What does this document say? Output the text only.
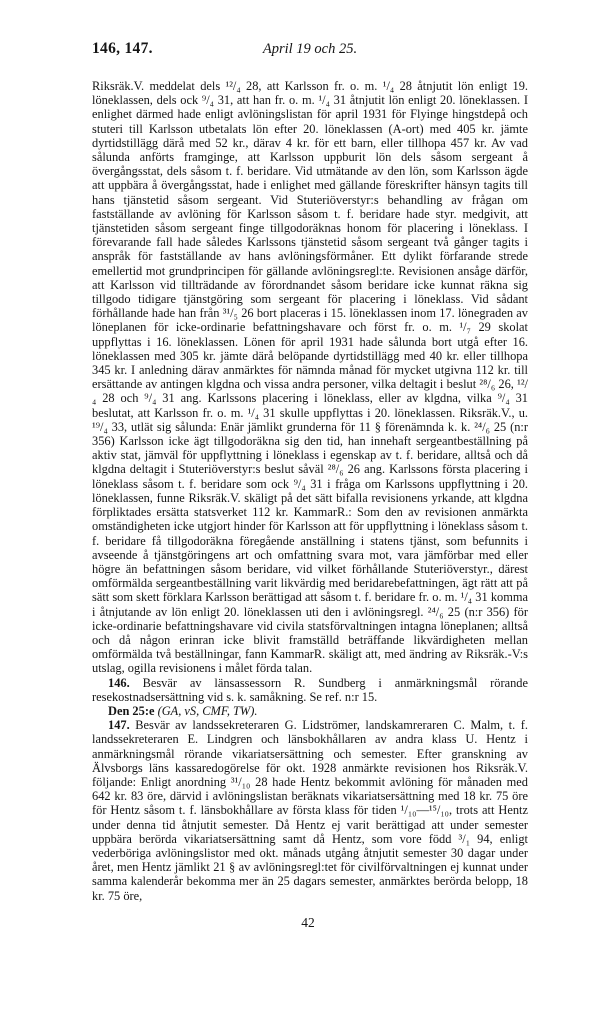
146, 147.	April 19 och 25.

Riksräk.V. meddelat dels ¹²/₄ 28, att Karlsson fr. o. m. ¹/₄ 28 åtnjutit lön enligt 19. löneklassen, dels ock ⁹/₄ 31, att han fr. o. m. ¹/₄ 31 åtnjutit lön enligt 20. löneklassen. I enlighet därmed hade enligt avlöningslistan för april 1931 för Flyinge hingstdepå och stuteri till Karlsson utbetalats lön efter 20. löneklassen (A-ort) med 405 kr. jämte dyrtidstillägg därå med 52 kr., därav 4 kr. för ett barn, eller tillhopa 457 kr. Av vad sålunda anförts framginge, att Karlsson uppburit lön dels såsom sergeant å övergångsstat, dels såsom t. f. beridare. Vid utmätande av den lön, som Karlsson ägde att uppbära å övergångsstat, hade i enlighet med gällande föreskrifter hänsyn tagits till hans tjänstetid såsom sergeant. Vid Stuteriöverstyr:s behandling av frågan om fastställande av avlöning för Karlsson såsom t. f. beridare hade styr. medgivit, att tjänstetiden såsom sergeant finge tillgodoräknas honom för placering i löneklass. I förevarande fall hade således Karlssons tjänstetid såsom sergeant två gånger tagits i anspråk för fastställande av hans avlöningsförmåner. Ett dylikt förfarande strede emellertid mot grundprincipen för gällande avlöningsregl:te. Revisionen ansåge därför, att Karlsson vid tillträdande av förordnandet såsom beridare icke kunnat räkna sig tillgodo tidigare tjänstgöring som sergeant för placering i löneklass. Vid sådant förhållande hade han från ³¹/₅ 26 bort placeras i 15. löneklassen inom 17. lönegraden av löneplanen för icke-ordinarie befattningshavare och först fr. o. m. ¹/₇ 29 skolat uppflyttas i 16. löneklassen. Lönen för april 1931 hade sålunda bort utgå efter 16. löneklassen med 305 kr. jämte därå belöpande dyrtidstillägg med 40 kr. eller tillhopa 345 kr. I anledning därav anmärktes för nämnda månad för mycket utgivna 112 kr. till ersättande av antingen klgdna och vissa andra personer, vilka deltagit i beslut ²⁸/₆ 26, ¹²/₄ 28 och ⁹/₄ 31 ang. Karlssons placering i löneklass, eller av klgdna, vilka ⁹/₄ 31 beslutat, att Karlsson fr. o. m. ¹/₄ 31 skulle uppflyttas i 20. löneklassen. Riksräk.V., u. ¹⁹/₄ 33, utlät sig sålunda: Enär jämlikt grunderna för 11 § förenämnda k. k. ²⁴/₆ 25 (n:r 356) Karlsson icke ägt tillgodoräkna sig den tid, han innehaft sergeantbeställning på aktiv stat, jämväl för uppflyttning i löneklass i egenskap av t. f. beridare, alltså och då klgdna deltagit i Stuteriöverstyr:s beslut såväl ²⁸/₆ 26 ang. Karlssons första placering i löneklass såsom t. f. beridare som ock ⁹/₄ 31 i fråga om Karlssons uppflyttning i 20. löneklassen, funne Riksräk.V. skäligt på det sätt bifalla revisionens yrkande, att klgdna förpliktades ersätta statsverket 112 kr. KammarR.: Som den av revisionen anmärkta omständigheten icke utgjort hinder för Karlsson att för uppflyttning i löneklass såsom t. f. beridare få tillgodoräkna föregående anställning i statens tjänst, som befunnits i avseende å tjänstgöringens art och omfattning svara mot, vara jämförbar med eller högre än befattningen såsom beridare, vid vilket förhållande Stuteriöverstyr., därest omförmälda sergeantbeställning varit likvärdig med beridarebefattningen, ägt rätt att på sätt som skett förklara Karlsson berättigad att såsom t. f. beridare fr. o. m. ¹/₄ 31 komma i åtnjutande av lön enligt 20. löneklassen uti den i avlöningsregl. ²⁴/₆ 25 (n:r 356) för icke-ordinarie befattningshavare vid civila statsförvaltningen intagna löneplanen; alltså och då någon erinran icke blivit framställd beträffande likvärdigheten mellan omförmälda två beställningar, fann KammarR. skäligt att, med ändring av Riksräk.-V:s utslag, ogilla revisionens i målet förda talan.

146. Besvär av länsassessorn R. Sundberg i anmärkningsmål rörande resekostnadsersättning vid s. k. samåkning. Se ref. n:r 15.

Den 25:e (GA, vS, CMF, TW).

147. Besvär av landssekreteraren G. Lidströmer, landskamreraren C. Malm, t. f. landssekreteraren E. Lindgren och länsbokhållaren av andra klass U. Hentz i anmärkningsmål rörande vikariatsersättning och semester. Efter granskning av Älvsborgs läns kassaredogörelse för okt. 1928 anmärkte revisionen hos Riksräk.V. följande: Enligt anordning ³¹/₁₀ 28 hade Hentz bekommit avlöning för månaden med 642 kr. 83 öre, därvid i avlöningslistan beräknats vikariatsersättning med 18 kr. 75 öre för Hentz såsom t. f. länsbokhållare av första klass för tiden ¹/₁₀—¹⁵/₁₀, trots att Hentz under denna tid åtnjutit semester. Då Hentz ej varit berättigad att under semester uppbära berörda vikariatsersättning samt då Hentz, som vore född ³/₁ 94, enligt vederböriga avlöningslistor med okt. månads utgång åtnjutit semester 30 dagar under året, men Hentz jämlikt 21 § av avlöningsregl:tet för civilförvaltningen ej kunnat under samma kalenderår bekomma mer än 25 dagars semester, anmärktes berörda belopp, 18 kr. 75 öre,

42
